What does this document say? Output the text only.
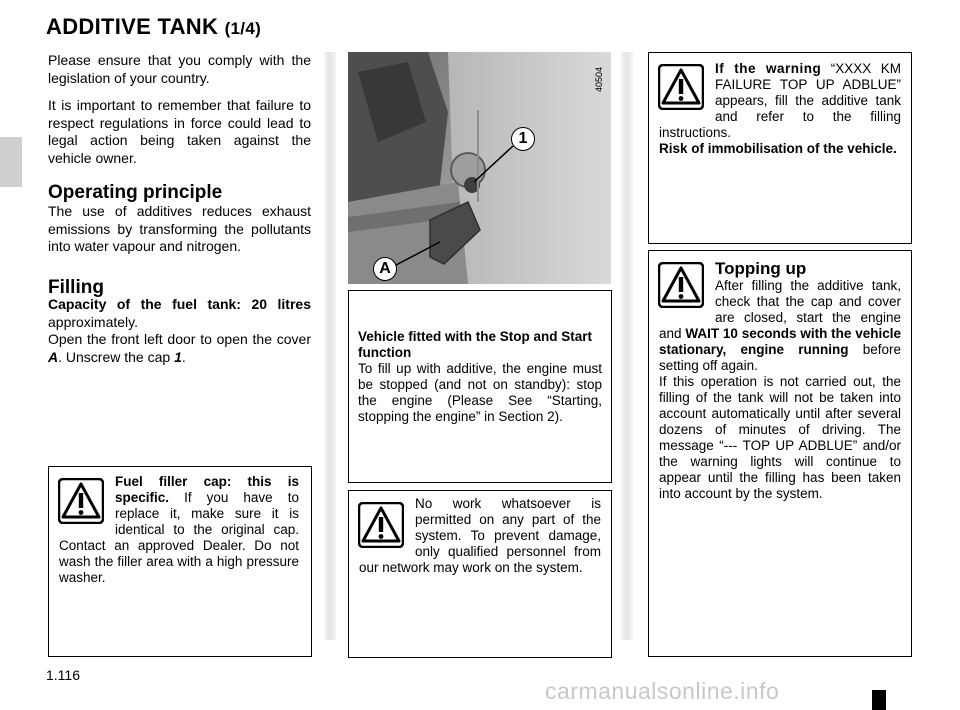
ADDITIVE TANK (1/4)

Please ensure that you comply with the legislation of your country.

It is important to remember that failure to respect regulations in force could lead to legal action being taken against the vehicle owner.

Operating principle
The use of additives reduces exhaust emissions by transforming the pollutants into water vapour and nitrogen.
Filling
Capacity of the fuel tank: 20 litres approximately.
Open the front left door to open the cover A. Unscrew the cap 1.
Fuel filler cap: this is specific. If you have to replace it, make sure it is identical to the original cap. Contact an approved Dealer. Do not wash the filler area with a high pressure washer.
1
A
40504
Vehicle fitted with the Stop and Start function
To fill up with additive, the engine must be stopped (and not on standby): stop the engine (Please See “Starting, stopping the engine” in Section 2).
No work whatsoever is permitted on any part of the system. To prevent damage, only qualified personnel from our network may work on the system.
If the warning “XXXX KM FAILURE TOP UP ADBLUE” appears, fill the additive tank and refer to the filling instructions.
Risk of immobilisation of the vehicle.
Topping up
After filling the additive tank, check that the cap and cover are closed, start the engine and WAIT 10 seconds with the vehicle stationary, engine running before setting off again.
If this operation is not carried out, the filling of the tank will not be taken into account automatically until after several dozens of minutes of driving. The message “--- TOP UP ADBLUE” and/or the warning lights will continue to appear until the filling has been taken into account by the system.
1.116
carmanualsonline.info
